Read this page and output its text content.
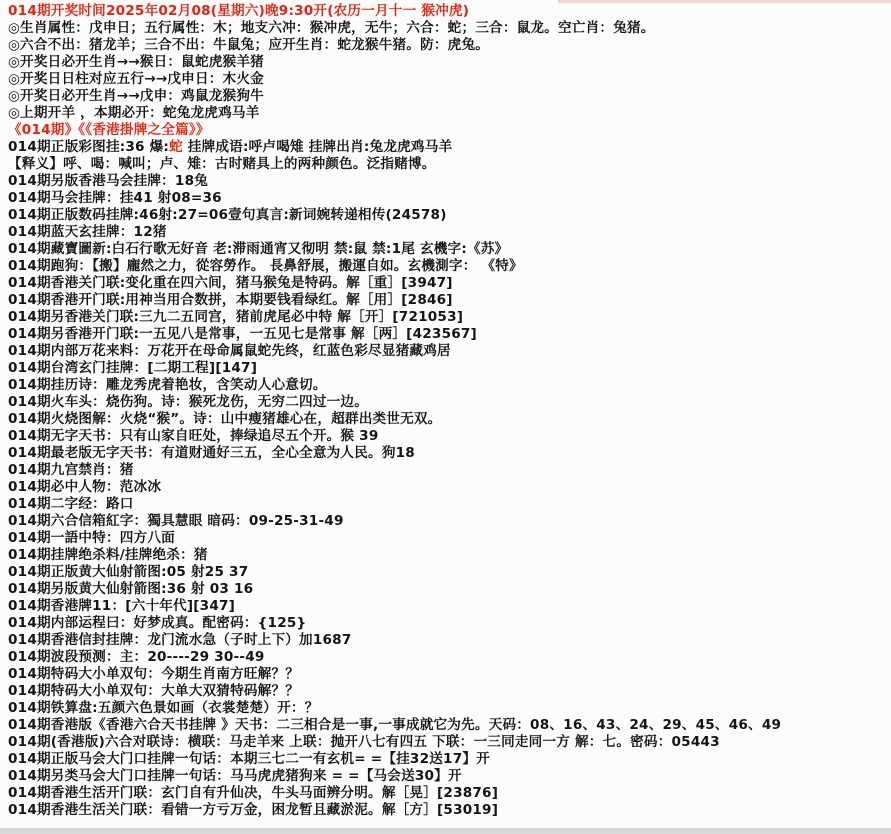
014期开奖时间2025年02月08(星期六)晚9:30开(农历一月十一 猴冲虎)
◎生肖属性：戊申日；五行属性：木；地支六冲：猴冲虎，无牛；六合：蛇；三合：鼠龙。空亡肖：兔猪。
◎六合不出：猪龙羊；三合不出：牛鼠兔；应开生肖：蛇龙猴牛猪。防：虎兔。
◎开奖日必开生肖→→猴日：鼠蛇虎猴羊猪
◎开奖日日柱对应五行→→戊申日：木火金
◎开奖日必开生肖→→戊申：鸡鼠龙猴狗牛
◎上期开羊 ，本期必开：蛇兔龙虎鸡马羊
《014期》《《香港掛牌之全篇》》
014期正版彩图挂:36 爆:蛇 挂牌成语:呼卢喝雉 挂牌出肖:兔龙虎鸡马羊
【释义】呼、喝：喊叫；卢、雉：古时赌具上的两种颜色。泛指赌博。
014期另版香港马会挂牌：18兔
014期马会挂牌：挂41 射08=36
014期正版数码挂牌:46射:27=06壹句真言:新词婉转递相传(24578)
014期蓝天玄挂牌：12猪
014期藏寶圖新:白石行歌无好音 老:滞雨通宵又彻明 禁:鼠 禁:1尾 玄機字:《苏》
014期跑狗：【搬】龐然之力，從容勞作。 長鼻舒展，搬運自如。玄機測字： 《特》
014期香港关门联:变化重在四六间，猪马猴兔是特码。解［重］[3947]
014期香港开门联:用神当用合数拼，本期要钱看绿红。解［用］[2846]
014期另香港关门联:三九二五同宫，猪前虎尾必中特 解［开］[721053]
014期另香港开门联:一五见八是常事，一五见七是常事 解［两］[423567]
014期内部万花来料：万花开在母命属鼠蛇先终，红蓝色彩尽显猪藏鸡居
014期台湾玄门挂牌：[二期工程][147]
014期挂历诗：雕龙秀虎着艳妆，含笑动人心意切。
014期火车头：烧伤狗。诗：猴死龙伤，无穷二四过一边。
014期火烧图解：火烧“猴”。诗：山中瘦猪雄心在，超群出类世无双。
014期无字天书：只有山家自旺处，捧绿追尽五个开。猴 39
014期最老版无字天书：有道财通好三五，全心全意为人民。狗18
014期九宫禁肖：猪
014期必中人物：范冰冰
014期二字经：路口
014期六合信箱紅字：獨具慧眼 暗码：09-25-31-49
014期一語中特：四方八面
014期挂牌绝杀料/挂牌绝杀：猪
014期正版黄大仙射箭图:05 射25 37
014期另版黄大仙射箭图:36 射 03 16
014期香港牌11：[六十年代][347]
014期内部运程曰：好梦成真。配密码：{125}
014期香港信封挂牌：龙门流水急（子时上下）加1687
014期波段预测：主：20----29 30--49
014期特码大小单双句：今期生肖南方旺解？？
014期特码大小单双句：大单大双猜特码解？？
014期铁算盘:五颜六色景如画（衣裳楚楚）开：？
014期香港版《香港六合天书挂牌 》天书：二三相合是一事,一事成就它为先。天码：08、16、43、24、29、45、46、49
014期(香港版)六合对联诗：横联：马走羊来 上联：抛开八七有四五 下联：一三同走同一方 解：七。密码：05443
014期正版马会大门口挂牌一句话：本期三七二一有玄机= =【挂32送17】开
014期另类马会大门口挂牌一句话：马马虎虎猪狗来 = =【马会送30】开
014期香港生活开门联：玄门自有升仙决，牛头马面辨分明。解［晃］[23876]
014期香港生活关门联：看错一方亏万金，困龙暂且藏淤泥。解［方］[53019]
